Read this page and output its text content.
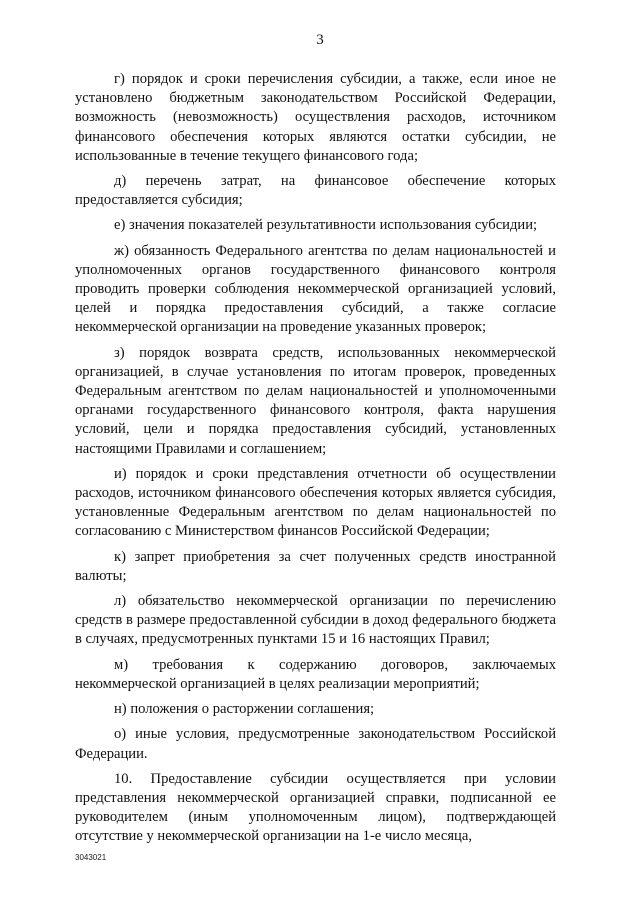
3

г) порядок и сроки перечисления субсидии, а также, если иное не установлено бюджетным законодательством Российской Федерации, возможность (невозможность) осуществления расходов, источником финансового обеспечения которых являются остатки субсидии, не использованные в течение текущего финансового года;

д) перечень затрат, на финансовое обеспечение которых предоставляется субсидия;

е) значения показателей результативности использования субсидии;

ж) обязанность Федерального агентства по делам национальностей и уполномоченных органов государственного финансового контроля проводить проверки соблюдения некоммерческой организацией условий, целей и порядка предоставления субсидий, а также согласие некоммерческой организации на проведение указанных проверок;

з) порядок возврата средств, использованных некоммерческой организацией, в случае установления по итогам проверок, проведенных Федеральным агентством по делам национальностей и уполномоченными органами государственного финансового контроля, факта нарушения условий, цели и порядка предоставления субсидий, установленных настоящими Правилами и соглашением;

и) порядок и сроки представления отчетности об осуществлении расходов, источником финансового обеспечения которых является субсидия, установленные Федеральным агентством по делам национальностей по согласованию с Министерством финансов Российской Федерации;

к) запрет приобретения за счет полученных средств иностранной валюты;

л) обязательство некоммерческой организации по перечислению средств в размере предоставленной субсидии в доход федерального бюджета в случаях, предусмотренных пунктами 15 и 16 настоящих Правил;

м) требования к содержанию договоров, заключаемых некоммерческой организацией в целях реализации мероприятий;

н) положения о расторжении соглашения;

о) иные условия, предусмотренные законодательством Российской Федерации.

10. Предоставление субсидии осуществляется при условии представления некоммерческой организацией справки, подписанной ее руководителем (иным уполномоченным лицом), подтверждающей отсутствие у некоммерческой организации на 1-е число месяца,

3043021
